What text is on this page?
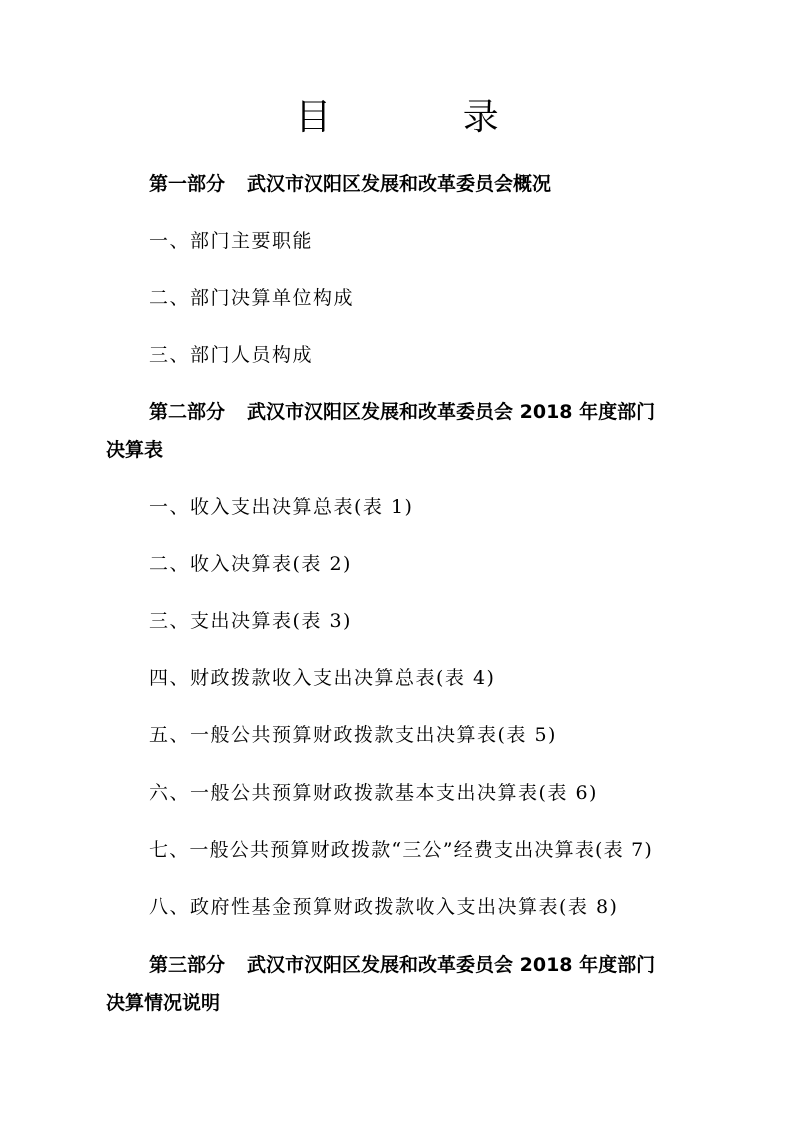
目 录
第一部分 武汉市汉阳区发展和改革委员会概况
一、部门主要职能
二、部门决算单位构成
三、部门人员构成
第二部分 武汉市汉阳区发展和改革委员会 2018 年度部门
决算表
一、收入支出决算总表(表 1)
二、收入决算表(表 2)
三、支出决算表(表 3)
四、财政拨款收入支出决算总表(表 4)
五、一般公共预算财政拨款支出决算表(表 5)
六、一般公共预算财政拨款基本支出决算表(表 6)
七、一般公共预算财政拨款“三公”经费支出决算表(表 7)
八、政府性基金预算财政拨款收入支出决算表(表 8)
第三部分 武汉市汉阳区发展和改革委员会 2018 年度部门
决算情况说明
